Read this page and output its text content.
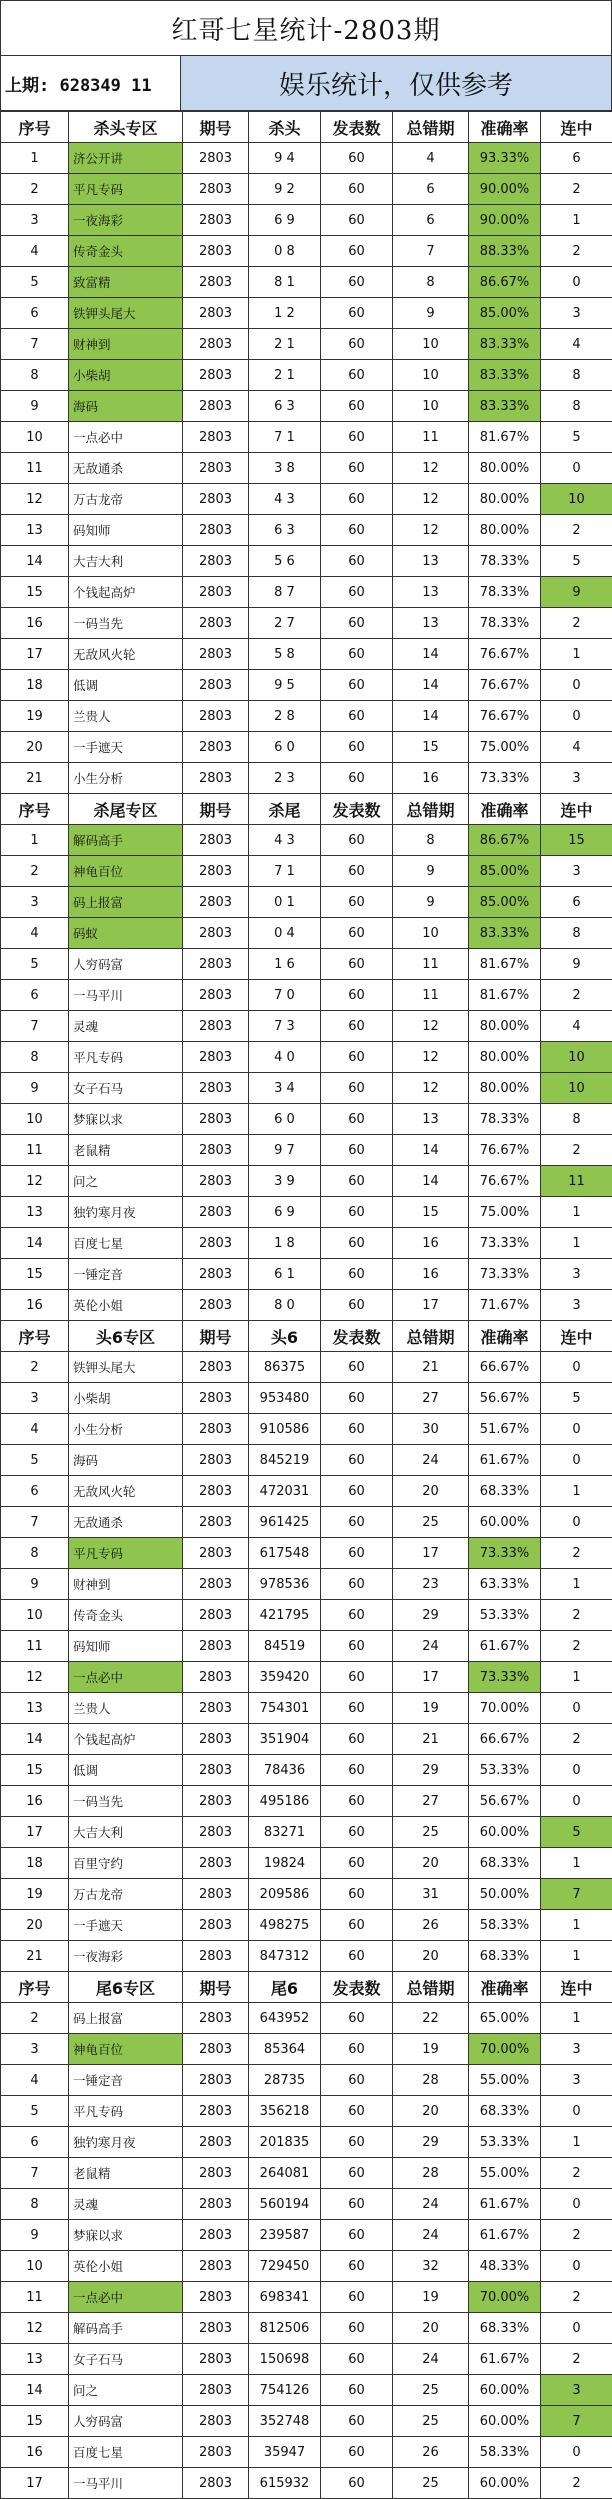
红哥七星统计-2803期
上期: 628349 11	娱乐统计，仅供参考
序号	杀头专区	期号	杀头	发表数	总错期	准确率	连中
1	济公开讲	2803	9 4	60	4	93.33%	6
2	平凡专码	2803	9 2	60	6	90.00%	2
3	一夜海彩	2803	6 9	60	6	90.00%	1
4	传奇金头	2803	0 8	60	7	88.33%	2
5	致富精	2803	8 1	60	8	86.67%	0
6	铁钾头尾大	2803	1 2	60	9	85.00%	3
7	财神到	2803	2 1	60	10	83.33%	4
8	小柴胡	2803	2 1	60	10	83.33%	8
9	海码	2803	6 3	60	10	83.33%	8
10	一点必中	2803	7 1	60	11	81.67%	5
11	无敌通杀	2803	3 8	60	12	80.00%	0
12	万古龙帝	2803	4 3	60	12	80.00%	10
13	码知师	2803	6 3	60	12	80.00%	2
14	大吉大利	2803	5 6	60	13	78.33%	5
15	个钱起高炉	2803	8 7	60	13	78.33%	9
16	一码当先	2803	2 7	60	13	78.33%	2
17	无敌风火轮	2803	5 8	60	14	76.67%	1
18	低调	2803	9 5	60	14	76.67%	0
19	兰贵人	2803	2 8	60	14	76.67%	0
20	一手遮天	2803	6 0	60	15	75.00%	4
21	小生分析	2803	2 3	60	16	73.33%	3
序号	杀尾专区	期号	杀尾	发表数	总错期	准确率	连中
1	解码高手	2803	4 3	60	8	86.67%	15
2	神龟百位	2803	7 1	60	9	85.00%	3
3	码上报富	2803	0 1	60	9	85.00%	6
4	码蚁	2803	0 4	60	10	83.33%	8
5	人穷码富	2803	1 6	60	11	81.67%	9
6	一马平川	2803	7 0	60	11	81.67%	2
7	灵魂	2803	7 3	60	12	80.00%	4
8	平凡专码	2803	4 0	60	12	80.00%	10
9	女子石马	2803	3 4	60	12	80.00%	10
10	梦寐以求	2803	6 0	60	13	78.33%	8
11	老鼠精	2803	9 7	60	14	76.67%	2
12	问之	2803	3 9	60	14	76.67%	11
13	独钓寒月夜	2803	6 9	60	15	75.00%	1
14	百度七星	2803	1 8	60	16	73.33%	1
15	一锤定音	2803	6 1	60	16	73.33%	3
16	英伦小姐	2803	8 0	60	17	71.67%	3
序号	头6专区	期号	头6	发表数	总错期	准确率	连中
2	铁钾头尾大	2803	86375	60	21	66.67%	0
3	小柴胡	2803	953480	60	27	56.67%	5
4	小生分析	2803	910586	60	30	51.67%	0
5	海码	2803	845219	60	24	61.67%	0
6	无敌风火轮	2803	472031	60	20	68.33%	1
7	无敌通杀	2803	961425	60	25	60.00%	0
8	平凡专码	2803	617548	60	17	73.33%	2
9	财神到	2803	978536	60	23	63.33%	1
10	传奇金头	2803	421795	60	29	53.33%	2
11	码知师	2803	84519	60	24	61.67%	2
12	一点必中	2803	359420	60	17	73.33%	1
13	兰贵人	2803	754301	60	19	70.00%	0
14	个钱起高炉	2803	351904	60	21	66.67%	2
15	低调	2803	78436	60	29	53.33%	0
16	一码当先	2803	495186	60	27	56.67%	0
17	大吉大利	2803	83271	60	25	60.00%	5
18	百里守约	2803	19824	60	20	68.33%	1
19	万古龙帝	2803	209586	60	31	50.00%	7
20	一手遮天	2803	498275	60	26	58.33%	1
21	一夜海彩	2803	847312	60	20	68.33%	1
序号	尾6专区	期号	尾6	发表数	总错期	准确率	连中
2	码上报富	2803	643952	60	22	65.00%	1
3	神龟百位	2803	85364	60	19	70.00%	3
4	一锤定音	2803	28735	60	28	55.00%	3
5	平凡专码	2803	356218	60	20	68.33%	0
6	独钓寒月夜	2803	201835	60	29	53.33%	1
7	老鼠精	2803	264081	60	28	55.00%	2
8	灵魂	2803	560194	60	24	61.67%	0
9	梦寐以求	2803	239587	60	24	61.67%	2
10	英伦小姐	2803	729450	60	32	48.33%	0
11	一点必中	2803	698341	60	19	70.00%	2
12	解码高手	2803	812506	60	20	68.33%	0
13	女子石马	2803	150698	60	24	61.67%	2
14	问之	2803	754126	60	25	60.00%	3
15	人穷码富	2803	352748	60	25	60.00%	7
16	百度七星	2803	35947	60	26	58.33%	0
17	一马平川	2803	615932	60	25	60.00%	2
